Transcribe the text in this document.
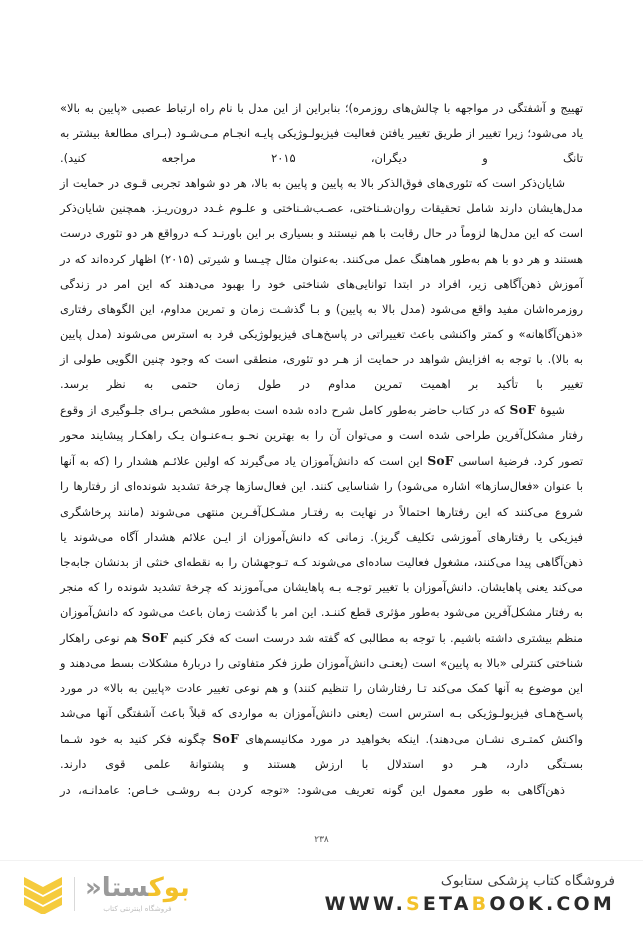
تهییج و آشفتگی در مواجهه با چالش‌های روزمره)؛ بنابراین از این مدل با نام راه ارتباط عصبی «پایین به بالا» یاد می‌شود؛ زیرا تغییر از طریق تغییر یافتن فعالیت فیزیولـوژیکی پایـه انجـام مـی‌شـود (بـرای مطالعهٔ بیشتر به تانگ و دیگران، ۲۰۱۵ مراجعه کنید).

شایان‌ذکر است که تئوری‌های فوق‌الذکر بالا به پایین و پایین به بالا، هر دو شواهد تجربی قـوی در حمایت از مدل‌هایشان دارند شامل تحقیقات روان‌شـناختی، عصـب‌شـناختی و علـوم غـدد درون‌ریـز. همچنین شایان‌ذکر است که این مدل‌ها لزوماً در حال رقابت با هم نیستند و بسیاری بر این باورنـد کـه درواقع هر دو تئوری درست هستند و هر دو با هم به‌طور هماهنگ عمل می‌کنند. به‌عنوان مثال چیـسا و شیرتی (۲۰۱۵) اظهار کرده‌اند که در آموزش ذهن‌آگاهی زیر، افراد در ابتدا توانایی‌های شناختی خود را بهبود می‌دهند که این امر در زندگی روزمره‌اشان مفید واقع می‌شود (مدل بالا به پایین) و بـا گذشـت زمان و تمرین مداوم، این الگوهای رفتاری «ذهن‌آگاهانه» و کمتر واکنشی باعث تغییراتی در پاسخ‌هـای فیزیولوژیکی فرد به استرس می‌شوند (مدل پایین به بالا). با توجه به افزایش شواهد در حمایت از هـر دو تئوری، منطقی است که وجود چنین الگویی طولی از تغییر با تأکید بر اهمیت تمرین مداوم در طول زمان حتمی به نظر برسد.

شیوهٔ SoF که در کتاب حاضر به‌طور کامل شرح داده شده است به‌طور مشخص بـرای جلـوگیری از وقوع رفتار مشکل‌آفرین طراحی شده است و می‌توان آن را به بهترین نحـو بـه‌عنـوان یـک راهکـار پیشایند محور تصور کرد. فرضیهٔ اساسی SoF این است که دانش‌آموزان یاد می‌گیرند که اولین علائـم هشدار را (که به آنها با عنوان «فعال‌سازها» اشاره می‌شود) را شناسایی کنند. این فعال‌سازها چرخهٔ تشدید شونده‌ای از رفتارها را شروع می‌کنند که این رفتارها احتمالاً در نهایت به رفتـار مشـکل‌آفـرین منتهی می‌شوند (مانند پرخاشگری فیزیکی یا رفتارهای آموزشی تکلیف گریز). زمانی که دانش‌آموزان از ایـن علائم هشدار آگاه می‌شوند یا ذهن‌آگاهی پیدا می‌کنند، مشغول فعالیت ساده‌ای می‌شوند کـه تـوجهشان را به نقطه‌ای خنثی از بدنشان جابه‌جا می‌کند یعنی پاهایشان. دانش‌آموزان با تغییر توجـه بـه پاهایشان می‌آموزند که چرخهٔ تشدید شونده را که منجر به رفتار مشکل‌آفرین می‌شود به‌طور مؤثری قطع کننـد. این امر با گذشت زمان باعث می‌شود که دانش‌آموزان منظم بیشتری داشته باشیم. با توجه به مطالبی که گفته شد درست است که فکر کنیم SoF هم نوعی راهکار شناختی کنترلی «بالا به پایین» است (یعنـی دانش‌آموزان طرز فکر متفاوتی را دربارهٔ مشکلات بسط می‌دهند و این موضوع به آنها کمک می‌کند تـا رفتارشان را تنظیم کنند) و هم نوعی تغییر عادت «پایین به بالا» در مورد پاسـخ‌هـای فیزیولـوژیکی بـه استرس است (یعنی دانش‌آموزان به مواردی که قبلاً باعث آشفتگی آنها می‌شد واکنش کمتـری نشـان می‌دهند). اینکه بخواهید در مورد مکانیسم‌های SoF چگونه فکر کنید به خود شـما بسـتگی دارد، هـر دو استدلال با ارزش هستند و پشتوانهٔ علمی قوی دارند.

ذهن‌آگاهی به طور معمول این گونه تعریف می‌شود: «توجه کردن بـه روشـی خـاص: عامدانـه، در

۲۳۸
بوکستا«
فروشگاه اینترنتی کتاب
فروشگاه کتاب پزشکی ستابوک
WWW.SETABOOK.COM
